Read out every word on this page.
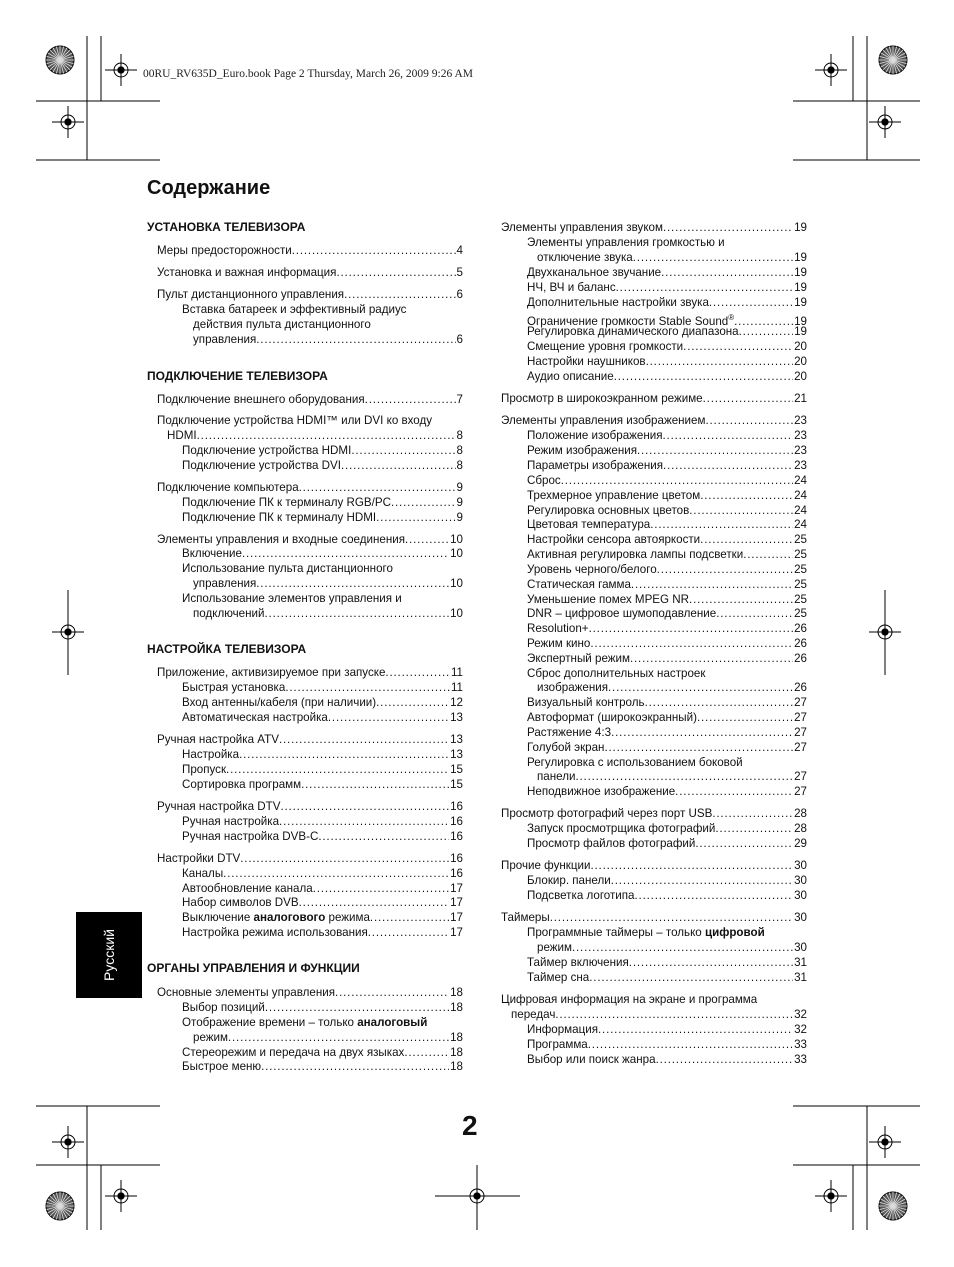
00RU_RV635D_Euro.book Page 2 Thursday, March 26, 2009 9:26 AM
Содержание
УСТАНОВКА ТЕЛЕВИЗОРА
Меры предосторожности . . .	4
Установка и важная информация . . .	5
Пульт дистанционного управления . . .	6
Вставка батареек и эффективный радиус
действия пульта дистанционного
управления . . .	6
ПОДКЛЮЧЕНИЕ ТЕЛЕВИЗОРА
Подключение внешнего оборудования . . .	7
Подключение устройства HDMI™ или DVI ко входу
HDMI . . .	8
Подключение устройства HDMI . . .	8
Подключение устройства DVI . . .	8
Подключение компьютера . . .	9
Подключение ПК к терминалу RGB/PC . . .	9
Подключение ПК к терминалу HDMI . . .	9
Элементы управления и входные соединения . . .	10
Включение . . .	10
Использование пульта дистанционного
управления . . .	10
Использование элементов управления и
подключений . . .	10
НАСТРОЙКА ТЕЛЕВИЗОРА
Приложение, активизируемое при запуске . . .	11
Быстрая установка . . .	11
Вход антенны/кабеля (при наличии) . . .	12
Автоматическая настройка . . .	13
Ручная настройка ATV . . .	13
Настройка . . .	13
Пропуск . . .	15
Сортировка программ . . .	15
Ручная настройка DTV . . .	16
Ручная настройка . . .	16
Ручная настройка DVB-C . . .	16
Настройки DTV . . .	16
Каналы . . .	16
Автообновление канала . . .	17
Набор символов DVB . . .	17
Выключение аналогового режима . . .	17
Настройка режима использования . . .	17
ОРГАНЫ УПРАВЛЕНИЯ И ФУНКЦИИ
Основные элементы управления . . .	18
Выбор позиций . . .	18
Отображение времени – только аналоговый
режим . . .	18
Стереорежим и передача на двух языках . . .	18
Быстрое меню . . .	18
Элементы управления звуком . . .	19
Элементы управления громкостью и
отключение звука . . .	19
Двухканальное звучание . . .	19
НЧ, ВЧ и баланс . . .	19
Дополнительные настройки звука . . .	19
Ограничение громкости Stable Sound® . . .	19
Регулировка динамического диапазона . . .	19
Смещение уровня громкости . . .	20
Настройки наушников . . .	20
Аудио описание . . .	20
Просмотр в широкоэкранном режиме . . .	21
Элементы управления изображением . . .	23
Положение изображения . . .	23
Режим изображения . . .	23
Параметры изображения . . .	23
Сброс . . .	24
Трехмерное управление цветом . . .	24
Регулировка основных цветов . . .	24
Цветовая температура . . .	24
Настройки сенсора автояркости . . .	25
Активная регулировка лампы подсветки . . .	25
Уровень черного/белого . . .	25
Статическая гамма . . .	25
Уменьшение помех MPEG NR . . .	25
DNR – цифровое шумоподавление . . .	25
Resolution+ . . .	26
Режим кино . . .	26
Экспертный режим . . .	26
Сброс дополнительных настроек
изображения . . .	26
Визуальный контроль . . .	27
Автоформат (широкоэкранный) . . .	27
Растяжение 4:3 . . .	27
Голубой экран . . .	27
Регулировка с использованием боковой
панели . . .	27
Неподвижное изображение . . .	27
Просмотр фотографий через порт USB . . .	28
Запуск просмотрщика фотографий . . .	28
Просмотр файлов фотографий . . .	29
Прочие функции . . .	30
Блокир. панели . . .	30
Подсветка логотипа . . .	30
Таймеры . . .	30
Программные таймеры – только цифровой
режим . . .	30
Таймер включения . . .	31
Таймер сна . . .	31
Цифровая информация на экране и программа
передач . . .	32
Информация . . .	32
Программа . . .	33
Выбор или поиск жанра . . .	33
Русский
2
